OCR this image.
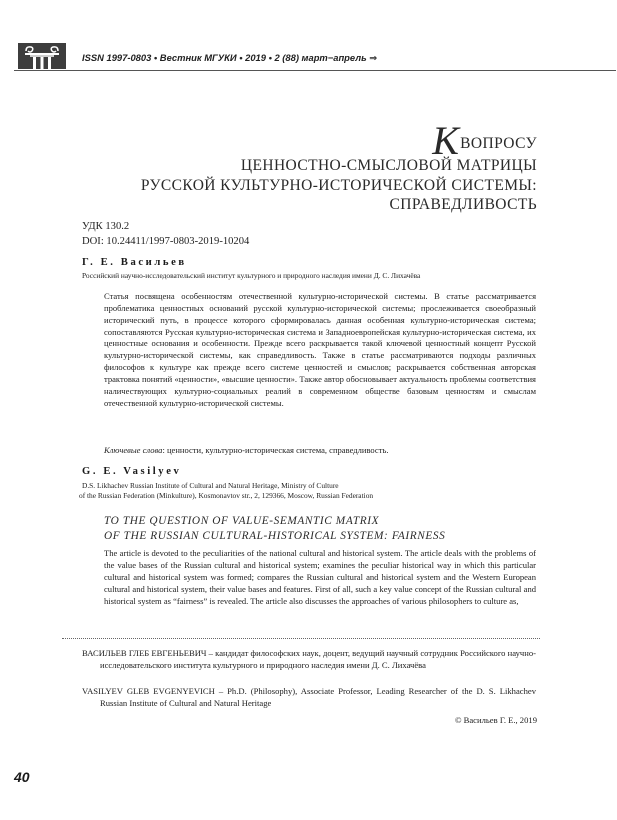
ISSN 1997-0803 • Вестник МГУКИ • 2019 • 2 (88) март−апрель ⇒
КВОПРОСУ
ЦЕННОСТНО-СМЫСЛОВОЙ МАТРИЦЫ
РУССКОЙ КУЛЬТУРНО-ИСТОРИЧЕСКОЙ СИСТЕМЫ:
СПРАВЕДЛИВОСТЬ
УДК 130.2
DOI: 10.24411/1997-0803-2019-10204
Г. Е. Васильев
Российский научно-исследовательский институт культурного и природного наследия имени Д. С. Лихачёва
Статья посвящена особенностям отечественной культурно-исторической системы. В статье рассматривается проблематика ценностных оснований русской культурно-исторической системы; прослеживается своеобразный исторический путь, в процессе которого сформировалась данная особенная культурно-историческая система; сопоставляются Русская культурно-историческая система и Западноевропейская культурно-историческая система, их ценностные основания и особенности. Прежде всего раскрывается такой ключевой ценностный концепт Русской культурно-исторической системы, как справедливость. Также в статье рассматриваются подходы различных философов к культуре как прежде всего системе ценностей и смыслов; раскрывается собственная авторская трактовка понятий «ценности», «высшие ценности». Также автор обосновывает актуальность проблемы соответствия наличествующих культурно-социальных реалий в современном обществе базовым ценностям и смыслам отечественной культурно-исторической системы.
Ключевые слова: ценности, культурно-историческая система, справедливость.
G. E. Vasilyev
D.S. Likhachev Russian Institute of Cultural and Natural Heritage, Ministry of Culture
of the Russian Federation (Minkulture), Kosmonavtov str., 2, 129366, Moscow, Russian Federation
TO THE QUESTION OF VALUE-SEMANTIC MATRIX
OF THE RUSSIAN CULTURAL-HISTORICAL SYSTEM: FAIRNESS
The article is devoted to the peculiarities of the national cultural and historical system. The article deals with the problems of the value bases of the Russian cultural and historical system; examines the peculiar historical way in which this particular cultural and historical system was formed; compares the Russian cultural and historical system and the Western European cultural and historical system, their value bases and features. First of all, such a key value concept of the Russian cultural and historical system as “fairness” is revealed. The article also discusses the approaches of various philosophers to culture as,
ВАСИЛЬЕВ ГЛЕБ ЕВГЕНЬЕВИЧ – кандидат философских наук, доцент, ведущий научный сотрудник Российского научно-исследовательского института культурного и природного наследия имени Д. С. Лихачёва
VASILYEV GLEB EVGENYEVICH – Ph.D. (Philosophy), Associate Professor, Leading Researcher of the D. S. Likhachev Russian Institute of Cultural and Natural Heritage
© Васильев Г. Е., 2019
40
